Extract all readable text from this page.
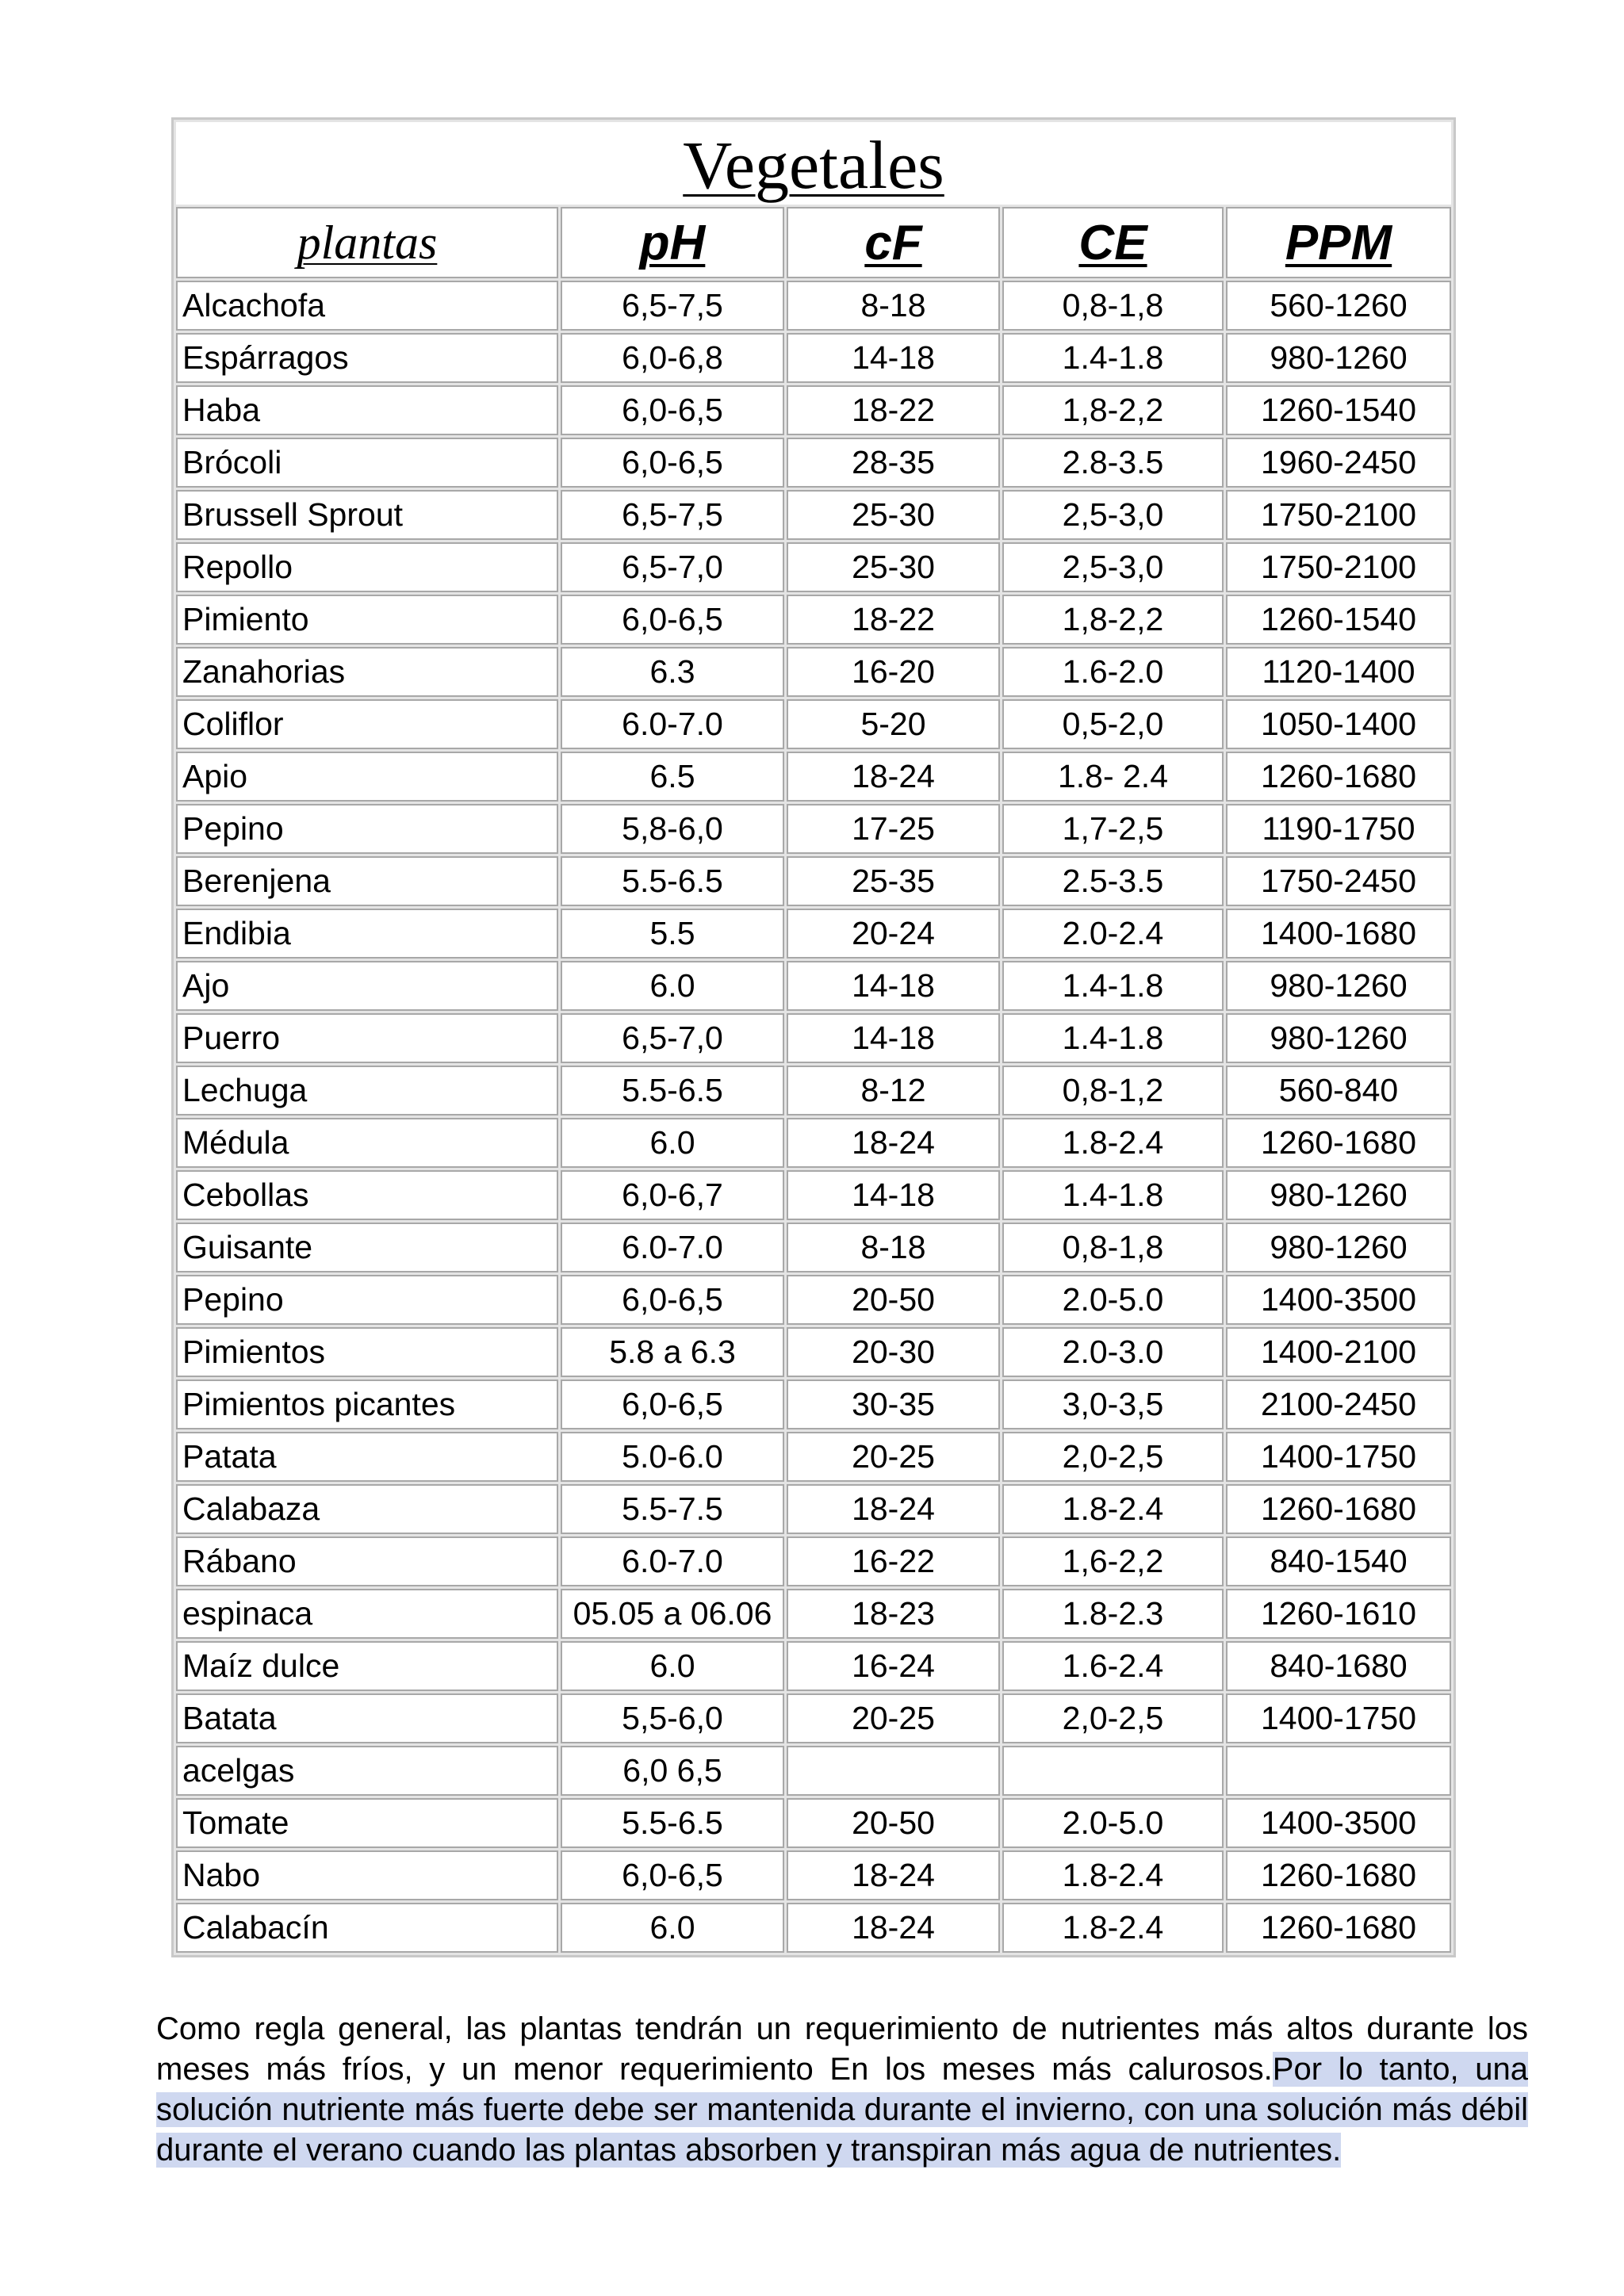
Vegetales				
plantas	pH	cF	CE	PPM
Alcachofa	6,5-7,5	8-18	0,8-1,8	560-1260
Espárragos	6,0-6,8	14-18	1.4-1.8	980-1260
Haba	6,0-6,5	18-22	1,8-2,2	1260-1540
Brócoli	6,0-6,5	28-35	2.8-3.5	1960-2450
Brussell Sprout	6,5-7,5	25-30	2,5-3,0	1750-2100
Repollo	6,5-7,0	25-30	2,5-3,0	1750-2100
Pimiento	6,0-6,5	18-22	1,8-2,2	1260-1540
Zanahorias	6.3	16-20	1.6-2.0	1120-1400
Coliflor	6.0-7.0	5-20	0,5-2,0	1050-1400
Apio	6.5	18-24	1.8- 2.4	1260-1680
Pepino	5,8-6,0	17-25	1,7-2,5	1190-1750
Berenjena	5.5-6.5	25-35	2.5-3.5	1750-2450
Endibia	5.5	20-24	2.0-2.4	1400-1680
Ajo	6.0	14-18	1.4-1.8	980-1260
Puerro	6,5-7,0	14-18	1.4-1.8	980-1260
Lechuga	5.5-6.5	8-12	0,8-1,2	560-840
Médula	6.0	18-24	1.8-2.4	1260-1680
Cebollas	6,0-6,7	14-18	1.4-1.8	980-1260
Guisante	6.0-7.0	8-18	0,8-1,8	980-1260
Pepino	6,0-6,5	20-50	2.0-5.0	1400-3500
Pimientos	5.8 a 6.3	20-30	2.0-3.0	1400-2100
Pimientos picantes	6,0-6,5	30-35	3,0-3,5	2100-2450
Patata	5.0-6.0	20-25	2,0-2,5	1400-1750
Calabaza	5.5-7.5	18-24	1.8-2.4	1260-1680
Rábano	6.0-7.0	16-22	1,6-2,2	840-1540
espinaca	05.05 a 06.06	18-23	1.8-2.3	1260-1610
Maíz dulce	6.0	16-24	1.6-2.4	840-1680
Batata	5,5-6,0	20-25	2,0-2,5	1400-1750
acelgas	6,0 6,5			
Tomate	5.5-6.5	20-50	2.0-5.0	1400-3500
Nabo	6,0-6,5	18-24	1.8-2.4	1260-1680
Calabacín	6.0	18-24	1.8-2.4	1260-1680

Como regla general, las plantas tendrán un requerimiento de nutrientes más altos durante los meses más fríos, y un menor requerimiento En los meses más calurosos.Por lo tanto, una solución nutriente más fuerte debe ser mantenida durante el invierno, con una solución más débil durante el verano cuando las plantas absorben y transpiran más agua de nutrientes.
